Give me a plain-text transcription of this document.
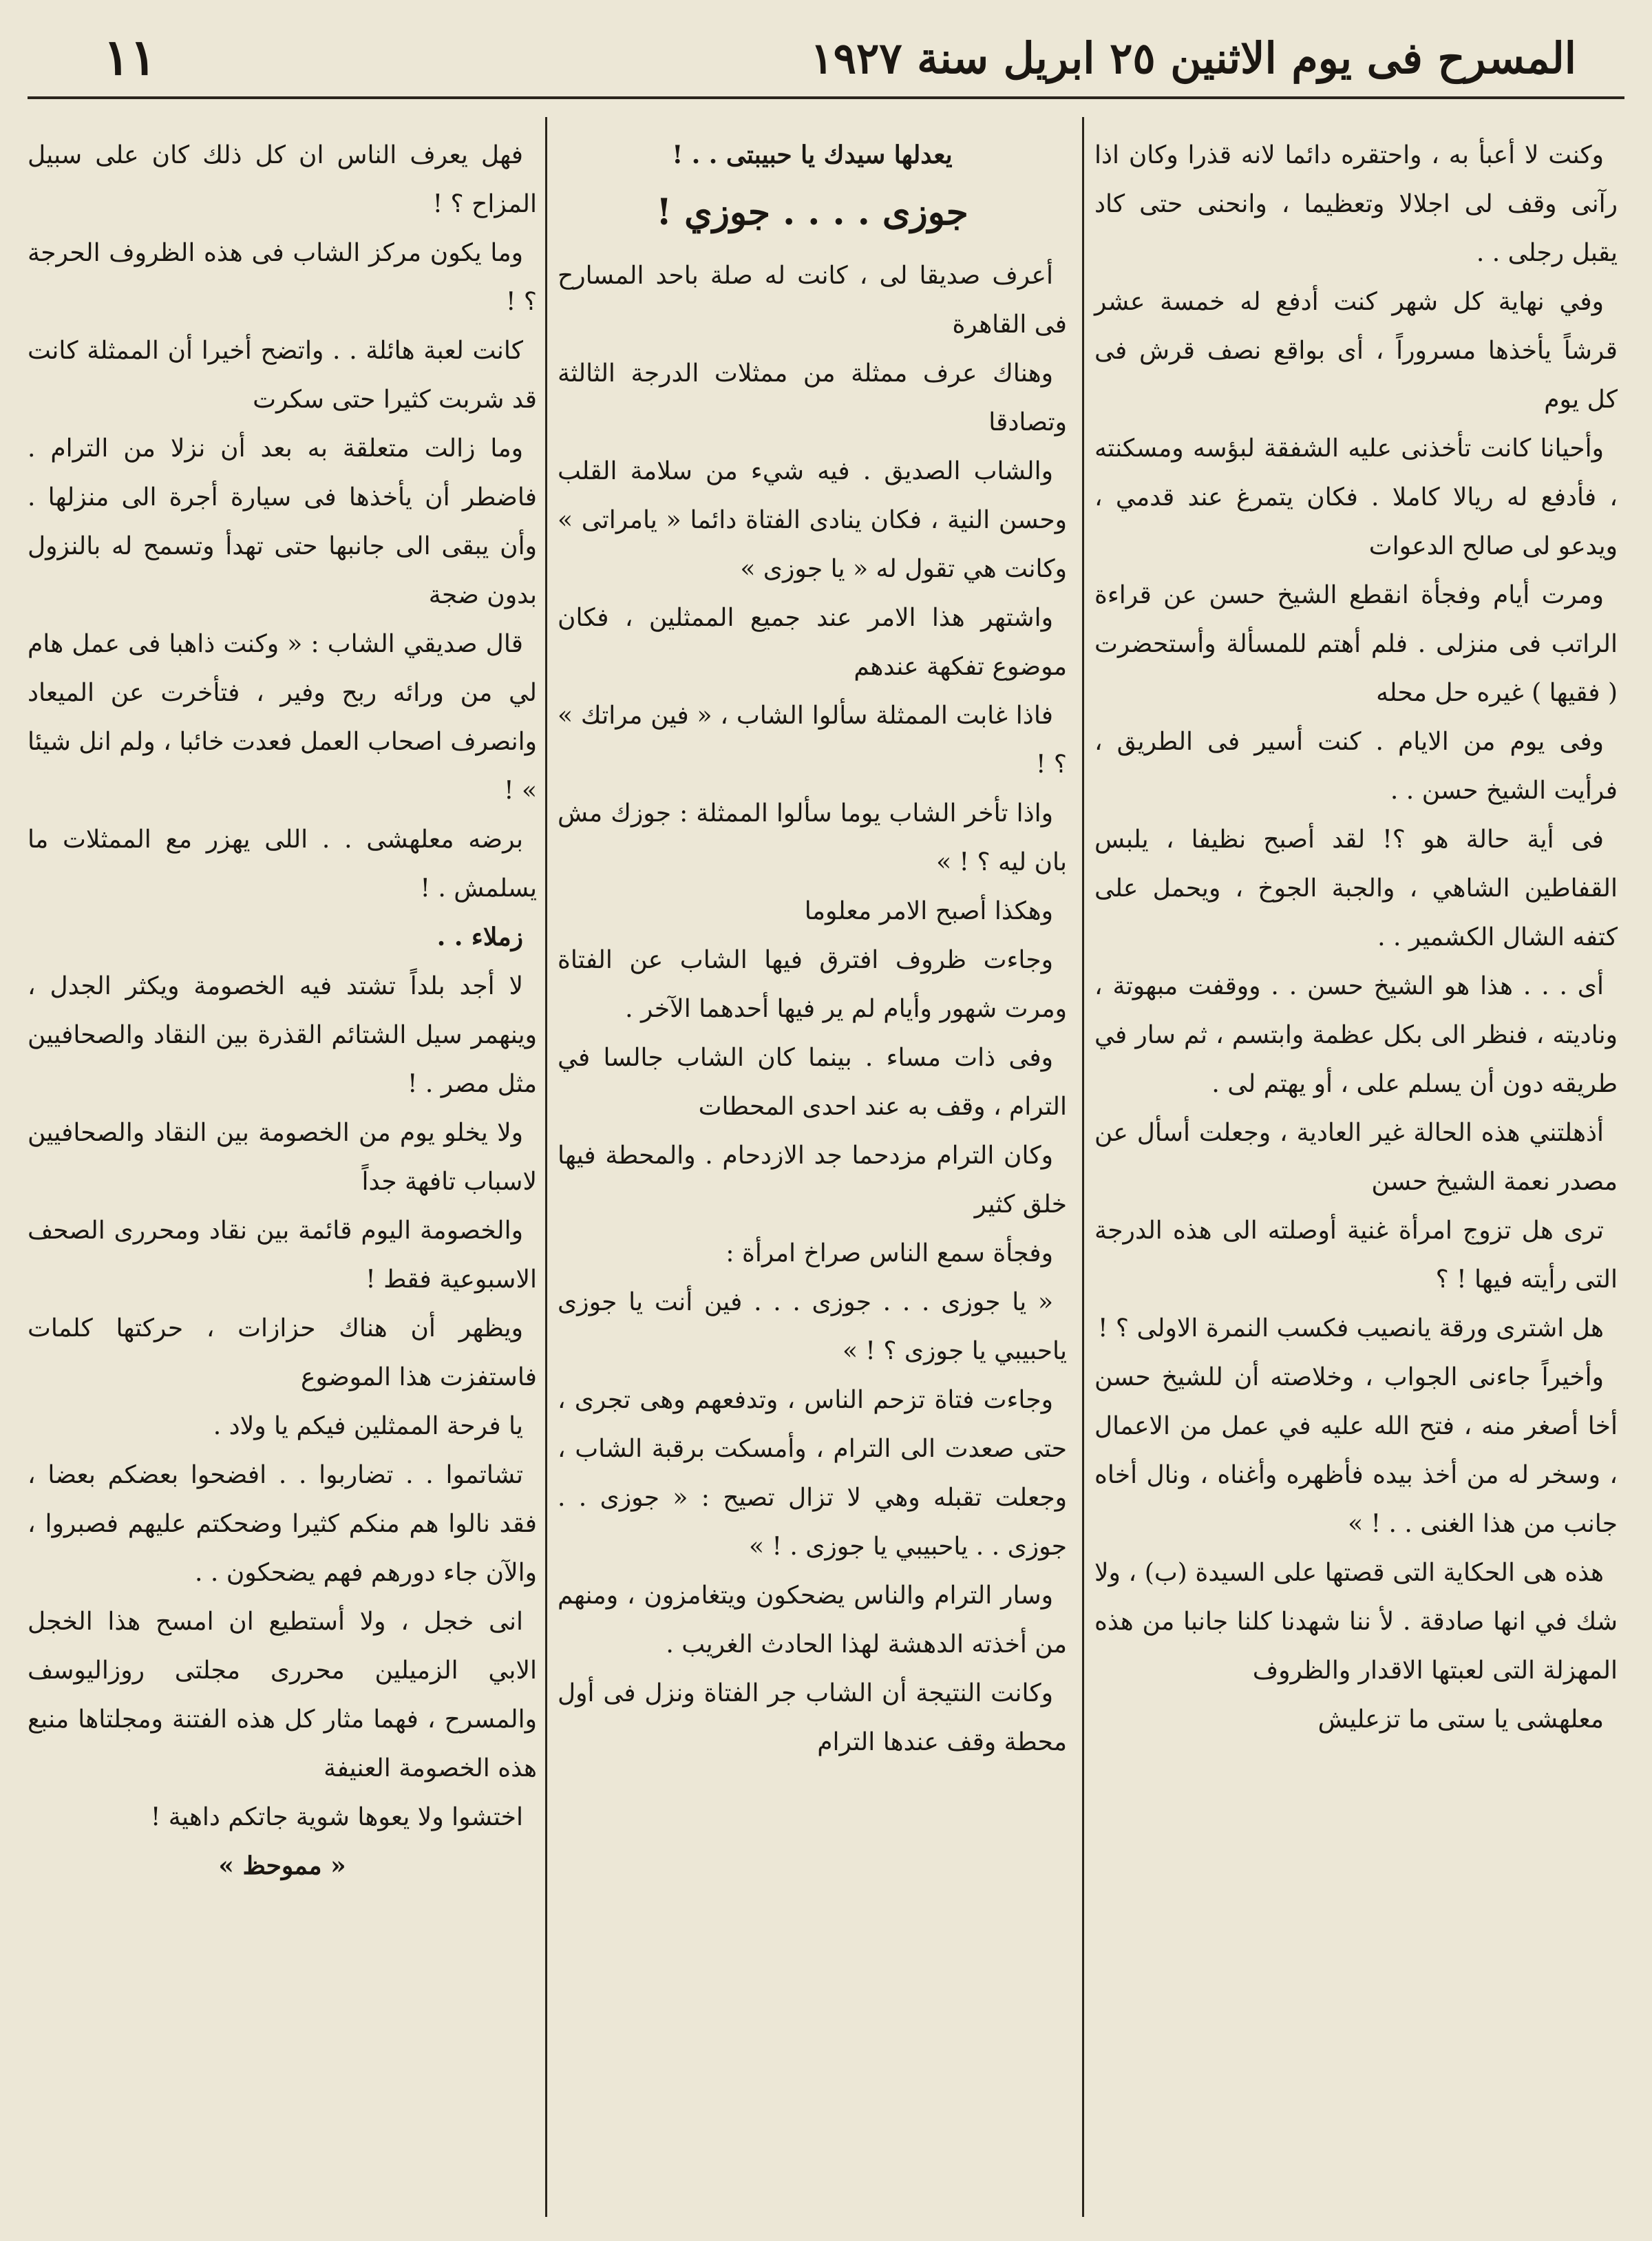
١١	المسرح فى يوم الاثنين ٢٥ ابريل سنة ١٩٢٧

وكنت لا أعبأ به ، واحتقره دائما لانه قذرا وكان اذا رآنى وقف لى اجلالا وتعظيما ، وانحنى حتى كاد يقبل رجلى . .

وفي نهاية كل شهر كنت أدفع له خمسة عشر قرشاً يأخذها مسروراً ، أى بواقع نصف قرش فى كل يوم

وأحيانا كانت تأخذنى عليه الشفقة لبؤسه ومسكنته ، فأدفع له ريالا كاملا . فكان يتمرغ عند قدمي ، ويدعو لى صالح الدعوات

ومرت أيام وفجأة انقطع الشيخ حسن عن قراءة الراتب فى منزلى . فلم أهتم للمسألة وأستحضرت ( فقيها ) غيره حل محله

وفى يوم من الايام . كنت أسير فى الطريق ، فرأيت الشيخ حسن . .

فى أية حالة هو ؟! لقد أصبح نظيفا ، يلبس القفاطين الشاهي ، والجبة الجوخ ، ويحمل على كتفه الشال الكشمير . .

أى . . . هذا هو الشيخ حسن . . ووقفت مبهوتة ، وناديته ، فنظر الى بكل عظمة وابتسم ، ثم سار في طريقه دون أن يسلم على ، أو يهتم لى .

أذهلتني هذه الحالة غير العادية ، وجعلت أسأل عن مصدر نعمة الشيخ حسن

ترى هل تزوج امرأة غنية أوصلته الى هذه الدرجة التى رأيته فيها ! ؟

هل اشترى ورقة يانصيب فكسب النمرة الاولى ؟ !

وأخيراً جاءنى الجواب ، وخلاصته أن للشيخ حسن أخا أصغر منه ، فتح الله عليه في عمل من الاعمال ، وسخر له من أخذ بيده فأظهره وأغناه ، ونال أخاه جانب من هذا الغنى . . ! »

هذه هى الحكاية التى قصتها على السيدة (ب) ، ولا شك في انها صادقة . لأ ننا شهدنا كلنا جانبا من هذه المهزلة التى لعبتها الاقدار والظروف

معلهشى يا ستى ما تزعليش

يعدلها سيدك يا حبيبتى . . !

جوزى . . . . جوزي !

أعرف صديقا لى ، كانت له صلة باحد المسارح فى القاهرة

وهناك عرف ممثلة من ممثلات الدرجة الثالثة وتصادقا

والشاب الصديق . فيه شيء من سلامة القلب وحسن النية ، فكان ينادى الفتاة دائما « يامراتى » وكانت هي تقول له « يا جوزى »

واشتهر هذا الامر عند جميع الممثلين ، فكان موضوع تفكهة عندهم

فاذا غابت الممثلة سألوا الشاب ، « فين مراتك » ؟ !

واذا تأخر الشاب يوما سألوا الممثلة : جوزك مش بان ليه ؟ ! »

وهكذا أصبح الامر معلوما

وجاءت ظروف افترق فيها الشاب عن الفتاة ومرت شهور وأيام لم ير فيها أحدهما الآخر .

وفى ذات مساء . بينما كان الشاب جالسا في الترام ، وقف به عند احدى المحطات

وكان الترام مزدحما جد الازدحام . والمحطة فيها خلق كثير

وفجأة سمع الناس صراخ امرأة :

« يا جوزى . . . جوزى . . . فين أنت يا جوزى ياحبيبي يا جوزى ؟ ! »

وجاءت فتاة تزحم الناس ، وتدفعهم وهى تجرى ، حتى صعدت الى الترام ، وأمسكت برقبة الشاب ، وجعلت تقبله وهي لا تزال تصيح : « جوزى . . جوزى . . ياحبيبي يا جوزى . ! »

وسار الترام والناس يضحكون ويتغامزون ، ومنهم من أخذته الدهشة لهذا الحادث الغريب .

وكانت النتيجة أن الشاب جر الفتاة ونزل فى أول محطة وقف عندها الترام

فهل يعرف الناس ان كل ذلك كان على سبيل المزاح ؟ !

وما يكون مركز الشاب فى هذه الظروف الحرجة ؟ !

كانت لعبة هائلة . . واتضح أخيرا أن الممثلة كانت قد شربت كثيرا حتى سكرت

وما زالت متعلقة به بعد أن نزلا من الترام . فاضطر أن يأخذها فى سيارة أجرة الى منزلها . وأن يبقى الى جانبها حتى تهدأ وتسمح له بالنزول بدون ضجة

قال صديقي الشاب : « وكنت ذاهبا فى عمل هام لي من ورائه ربح وفير ، فتأخرت عن الميعاد وانصرف اصحاب العمل فعدت خائبا ، ولم انل شيئا » !

برضه معلهشى . . اللى يهزر مع الممثلات ما يسلمش . !

زملاء . .

لا أجد بلداً تشتد فيه الخصومة ويكثر الجدل ، وينهمر سيل الشتائم القذرة بين النقاد والصحافيين مثل مصر . !

ولا يخلو يوم من الخصومة بين النقاد والصحافيين لاسباب تافهة جداً

والخصومة اليوم قائمة بين نقاد ومحررى الصحف الاسبوعية فقط !

ويظهر أن هناك حزازات ، حركتها كلمات فاستفزت هذا الموضوع

يا فرحة الممثلين فيكم يا ولاد .

تشاتموا . . تضاربوا . . افضحوا بعضكم بعضا ، فقد نالوا هم منكم كثيرا وضحكتم عليهم فصبروا ، والآن جاء دورهم فهم يضحكون . .

انى خجل ، ولا أستطيع ان امسح هذا الخجل الابي الزميلين محررى مجلتى روزاليوسف والمسرح ، فهما مثار كل هذه الفتنة ومجلتاها منبع هذه الخصومة العنيفة

اختشوا ولا يعوها شوية جاتكم داهية !

« مموحظ »
